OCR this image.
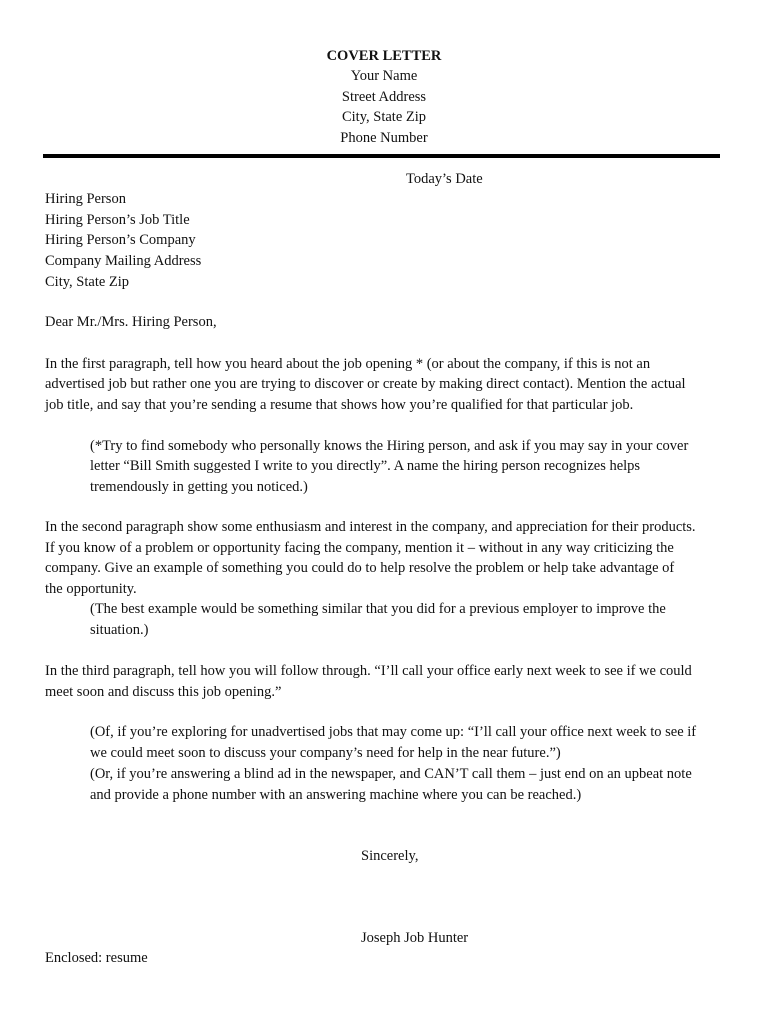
COVER LETTER
Your Name
Street Address
City, State Zip
Phone Number
Today’s Date
Hiring Person
Hiring Person’s Job Title
Hiring Person’s Company
Company Mailing Address
City, State Zip
Dear Mr./Mrs. Hiring Person,
In the first paragraph, tell how you heard about the job opening * (or about the company, if this is not an
advertised job but rather one you are trying to discover or create by making direct contact). Mention the actual
job title, and say that you’re sending a resume that shows how you’re qualified for that particular job.
(*Try to find somebody who personally knows the Hiring person, and ask if you may say in your cover
letter “Bill Smith suggested I write to you directly”. A name the hiring person recognizes helps
tremendously in getting you noticed.)
In the second paragraph show some enthusiasm and interest in the company, and appreciation for their products.
If you know of a problem or opportunity facing the company, mention it – without in any way criticizing the
company. Give an example of something you could do to help resolve the problem or help take advantage of
the opportunity.
(The best example would be something similar that you did for a previous employer to improve the
situation.)
In the third paragraph, tell how you will follow through. “I’ll call your office early next week to see if we could
meet soon and discuss this job opening.”
(Of, if you’re exploring for unadvertised jobs that may come up: “I’ll call your office next week to see if
we could meet soon to discuss your company’s need for help in the near future.”)
(Or, if you’re answering a blind ad in the newspaper, and CAN’T call them – just end on an upbeat note
and provide a phone number with an answering machine where you can be reached.)
Sincerely,
Joseph Job Hunter
Enclosed: resume
